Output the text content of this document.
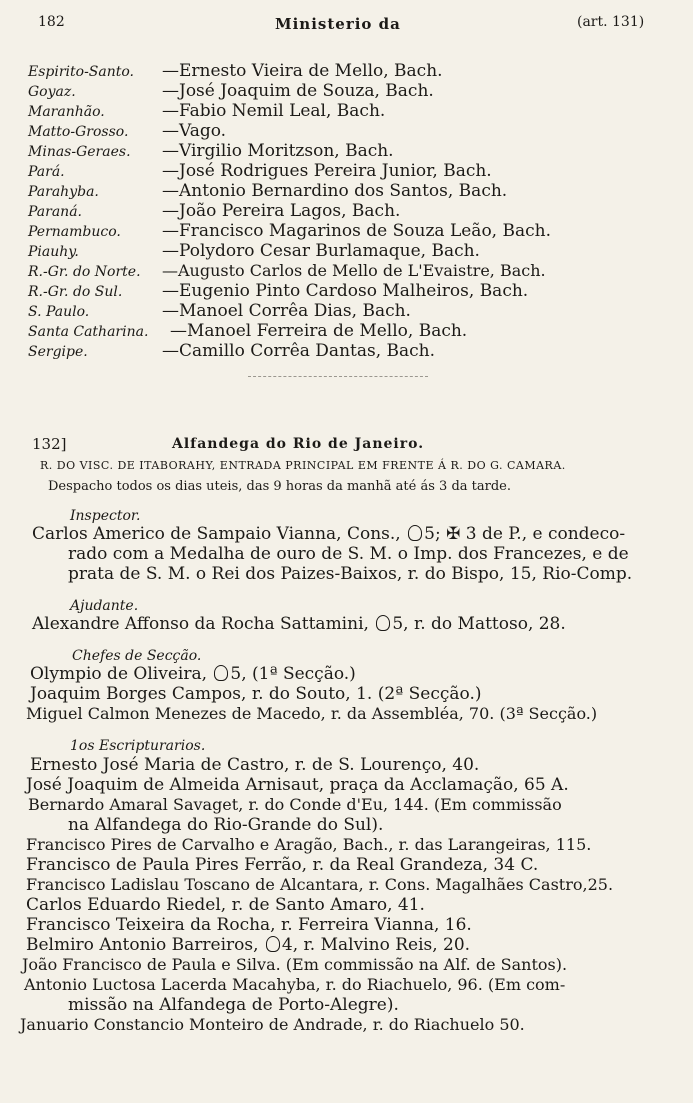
182	Ministerio da	(art. 131)
Espirito-Santo. —Ernesto Vieira de Mello, Bach.
Goyaz.	—José Joaquim de Souza, Bach.
Maranhão.	—Fabio Nemil Leal, Bach.
Matto-Grosso. —Vago.
Minas-Geraes. —Virgilio Moritzson, Bach.
Pará.	—José Rodrigues Pereira Junior, Bach.
Parahyba.	—Antonio Bernardino dos Santos, Bach.
Paraná.	—João Pereira Lagos, Bach.
Pernambuco. —Francisco Magarinos de Souza Leão, Bach.
Piauhy.	—Polydoro Cesar Burlamaque, Bach.
R.-Gr. do Norte. —Augusto Carlos de Mello de L'Evaistre, Bach.
R.-Gr. do Sul. —Eugenio Pinto Cardoso Malheiros, Bach.
S. Paulo.	—Manoel Corrêa Dias, Bach.
Santa Catharina. —Manoel Ferreira de Mello, Bach.
Sergipe.	—Camillo Corrêa Dantas, Bach.
132]	Alfandega do Rio de Janeiro.
R. DO VISC. DE ITABORAHY, ENTRADA PRINCIPAL EM FRENTE Á R. DO G. CAMARA.
Despacho todos os dias uteis, das 9 horas da manhã até ás 3 da tarde.
Inspector.
Carlos Americo de Sampaio Vianna, Cons., 5; ✠ 3 de P., e condeco-
rado com a Medalha de ouro de S. M. o Imp. dos Francezes, e de
prata de S. M. o Rei dos Paizes-Baixos, r. do Bispo, 15, Rio-Comp.
Ajudante.
Alexandre Affonso da Rocha Sattamini, 5, r. do Mattoso, 28.
Chefes de Secção.
Olympio de Oliveira, 5, (1ª Secção.)
Joaquim Borges Campos, r. do Souto, 1. (2ª Secção.)
Miguel Calmon Menezes de Macedo, r. da Assembléa, 70. (3ª Secção.)
1os Escripturarios.
Ernesto José Maria de Castro, r. de S. Lourenço, 40.
José Joaquim de Almeida Arnisaut, praça da Acclamação, 65 A.
Bernardo Amaral Savaget, r. do Conde d'Eu, 144. (Em commissão
na Alfandega do Rio-Grande do Sul).
Francisco Pires de Carvalho e Aragão, Bach., r. das Larangeiras, 115.
Francisco de Paula Pires Ferrão, r. da Real Grandeza, 34 C.
Francisco Ladislau Toscano de Alcantara, r. Cons. Magalhães Castro,25.
Carlos Eduardo Riedel, r. de Santo Amaro, 41.
Francisco Teixeira da Rocha, r. Ferreira Vianna, 16.
Belmiro Antonio Barreiros, 4, r. Malvino Reis, 20.
João Francisco de Paula e Silva. (Em commissão na Alf. de Santos).
Antonio Luctosa Lacerda Macahyba, r. do Riachuelo, 96. (Em com-
missão na Alfandega de Porto-Alegre).
Januario Constancio Monteiro de Andrade, r. do Riachuelo 50.
